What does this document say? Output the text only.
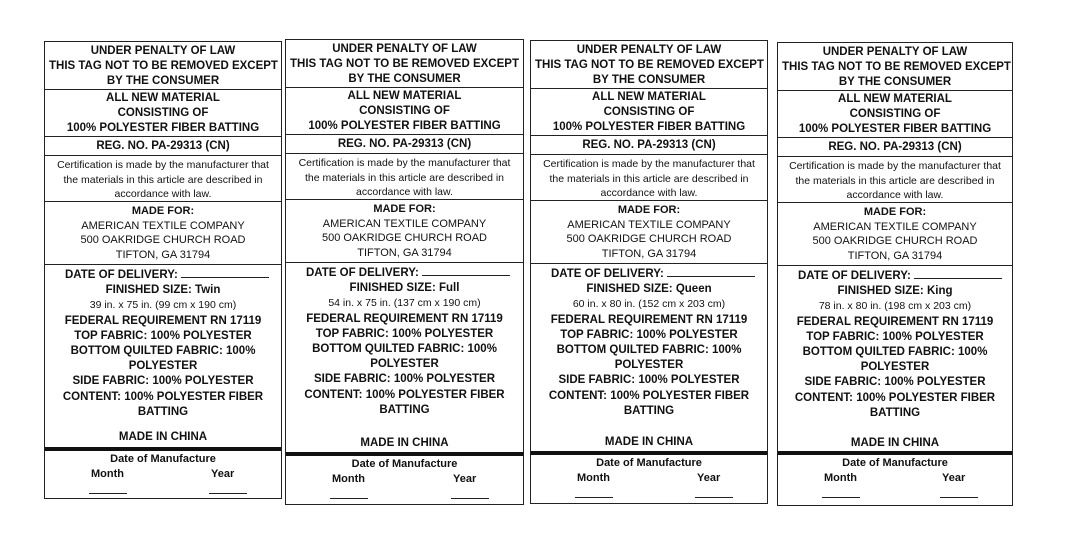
UNDER PENALTY OF LAW
THIS TAG NOT TO BE REMOVED EXCEPT
BY THE CONSUMER
ALL NEW MATERIAL
CONSISTING OF
100% POLYESTER FIBER BATTING
REG. NO. PA-29313 (CN)
Certification is made by the manufacturer that
the materials in this article are described in
accordance with law.
MADE FOR:
AMERICAN TEXTILE COMPANY
500 OAKRIDGE CHURCH ROAD
TIFTON, GA 31794
DATE OF DELIVERY:
FINISHED SIZE: Twin
39 in. x 75 in. (99 cm x 190 cm)
FEDERAL REQUIREMENT RN 17119
TOP FABRIC: 100% POLYESTER
BOTTOM QUILTED FABRIC: 100%
POLYESTER
SIDE FABRIC: 100% POLYESTER
CONTENT: 100% POLYESTER FIBER
BATTING
MADE IN CHINA
Date of Manufacture
Month	Year
UNDER PENALTY OF LAW
THIS TAG NOT TO BE REMOVED EXCEPT
BY THE CONSUMER
ALL NEW MATERIAL
CONSISTING OF
100% POLYESTER FIBER BATTING
REG. NO. PA-29313 (CN)
Certification is made by the manufacturer that
the materials in this article are described in
accordance with law.
MADE FOR:
AMERICAN TEXTILE COMPANY
500 OAKRIDGE CHURCH ROAD
TIFTON, GA 31794
DATE OF DELIVERY:
FINISHED SIZE: Full
54 in. x 75 in. (137 cm x 190 cm)
FEDERAL REQUIREMENT RN 17119
TOP FABRIC: 100% POLYESTER
BOTTOM QUILTED FABRIC: 100%
POLYESTER
SIDE FABRIC: 100% POLYESTER
CONTENT: 100% POLYESTER FIBER
BATTING
MADE IN CHINA
Date of Manufacture
Month	Year
UNDER PENALTY OF LAW
THIS TAG NOT TO BE REMOVED EXCEPT
BY THE CONSUMER
ALL NEW MATERIAL
CONSISTING OF
100% POLYESTER FIBER BATTING
REG. NO. PA-29313 (CN)
Certification is made by the manufacturer that
the materials in this article are described in
accordance with law.
MADE FOR:
AMERICAN TEXTILE COMPANY
500 OAKRIDGE CHURCH ROAD
TIFTON, GA 31794
DATE OF DELIVERY:
FINISHED SIZE: Queen
60 in. x 80 in. (152 cm x 203 cm)
FEDERAL REQUIREMENT RN 17119
TOP FABRIC: 100% POLYESTER
BOTTOM QUILTED FABRIC: 100%
POLYESTER
SIDE FABRIC: 100% POLYESTER
CONTENT: 100% POLYESTER FIBER
BATTING
MADE IN CHINA
Date of Manufacture
Month	Year
UNDER PENALTY OF LAW
THIS TAG NOT TO BE REMOVED EXCEPT
BY THE CONSUMER
ALL NEW MATERIAL
CONSISTING OF
100% POLYESTER FIBER BATTING
REG. NO. PA-29313 (CN)
Certification is made by the manufacturer that
the materials in this article are described in
accordance with law.
MADE FOR:
AMERICAN TEXTILE COMPANY
500 OAKRIDGE CHURCH ROAD
TIFTON, GA 31794
DATE OF DELIVERY:
FINISHED SIZE: King
78 in. x 80 in. (198 cm x 203 cm)
FEDERAL REQUIREMENT RN 17119
TOP FABRIC: 100% POLYESTER
BOTTOM QUILTED FABRIC: 100%
POLYESTER
SIDE FABRIC: 100% POLYESTER
CONTENT: 100% POLYESTER FIBER
BATTING
MADE IN CHINA
Date of Manufacture
Month	Year
